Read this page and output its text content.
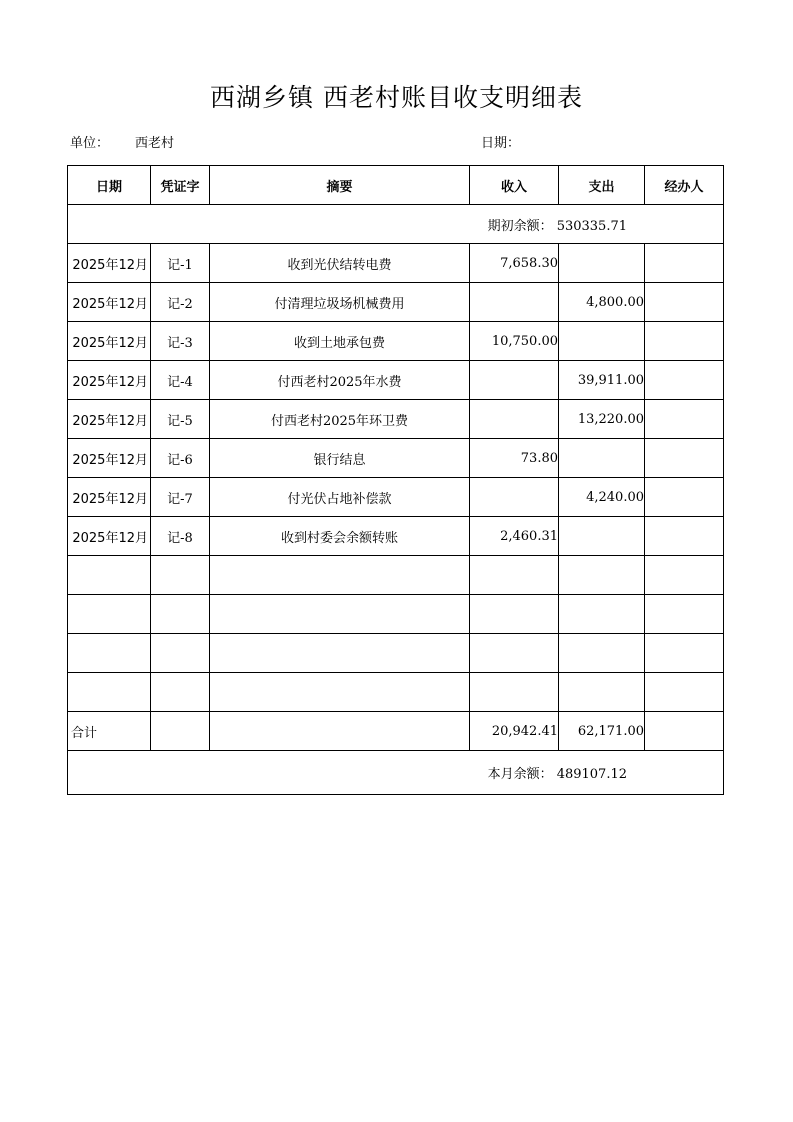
西湖乡镇 西老村账目收支明细表
单位： 西老村	日期：
日期	凭证字	摘要	收入	支出	经办人
期初余额： 530335.71					
2025年12月	记-1	收到光伏结转电费	7,658.30		
2025年12月	记-2	付清理垃圾场机械费用		4,800.00	
2025年12月	记-3	收到土地承包费	10,750.00		
2025年12月	记-4	付西老村2025年水费		39,911.00	
2025年12月	记-5	付西老村2025年环卫费		13,220.00	
2025年12月	记-6	银行结息	73.80		
2025年12月	记-7	付光伏占地补偿款		4,240.00	
2025年12月	记-8	收到村委会余额转账	2,460.31		

合计			20,942.41	62,171.00	
本月余额： 489107.12					
